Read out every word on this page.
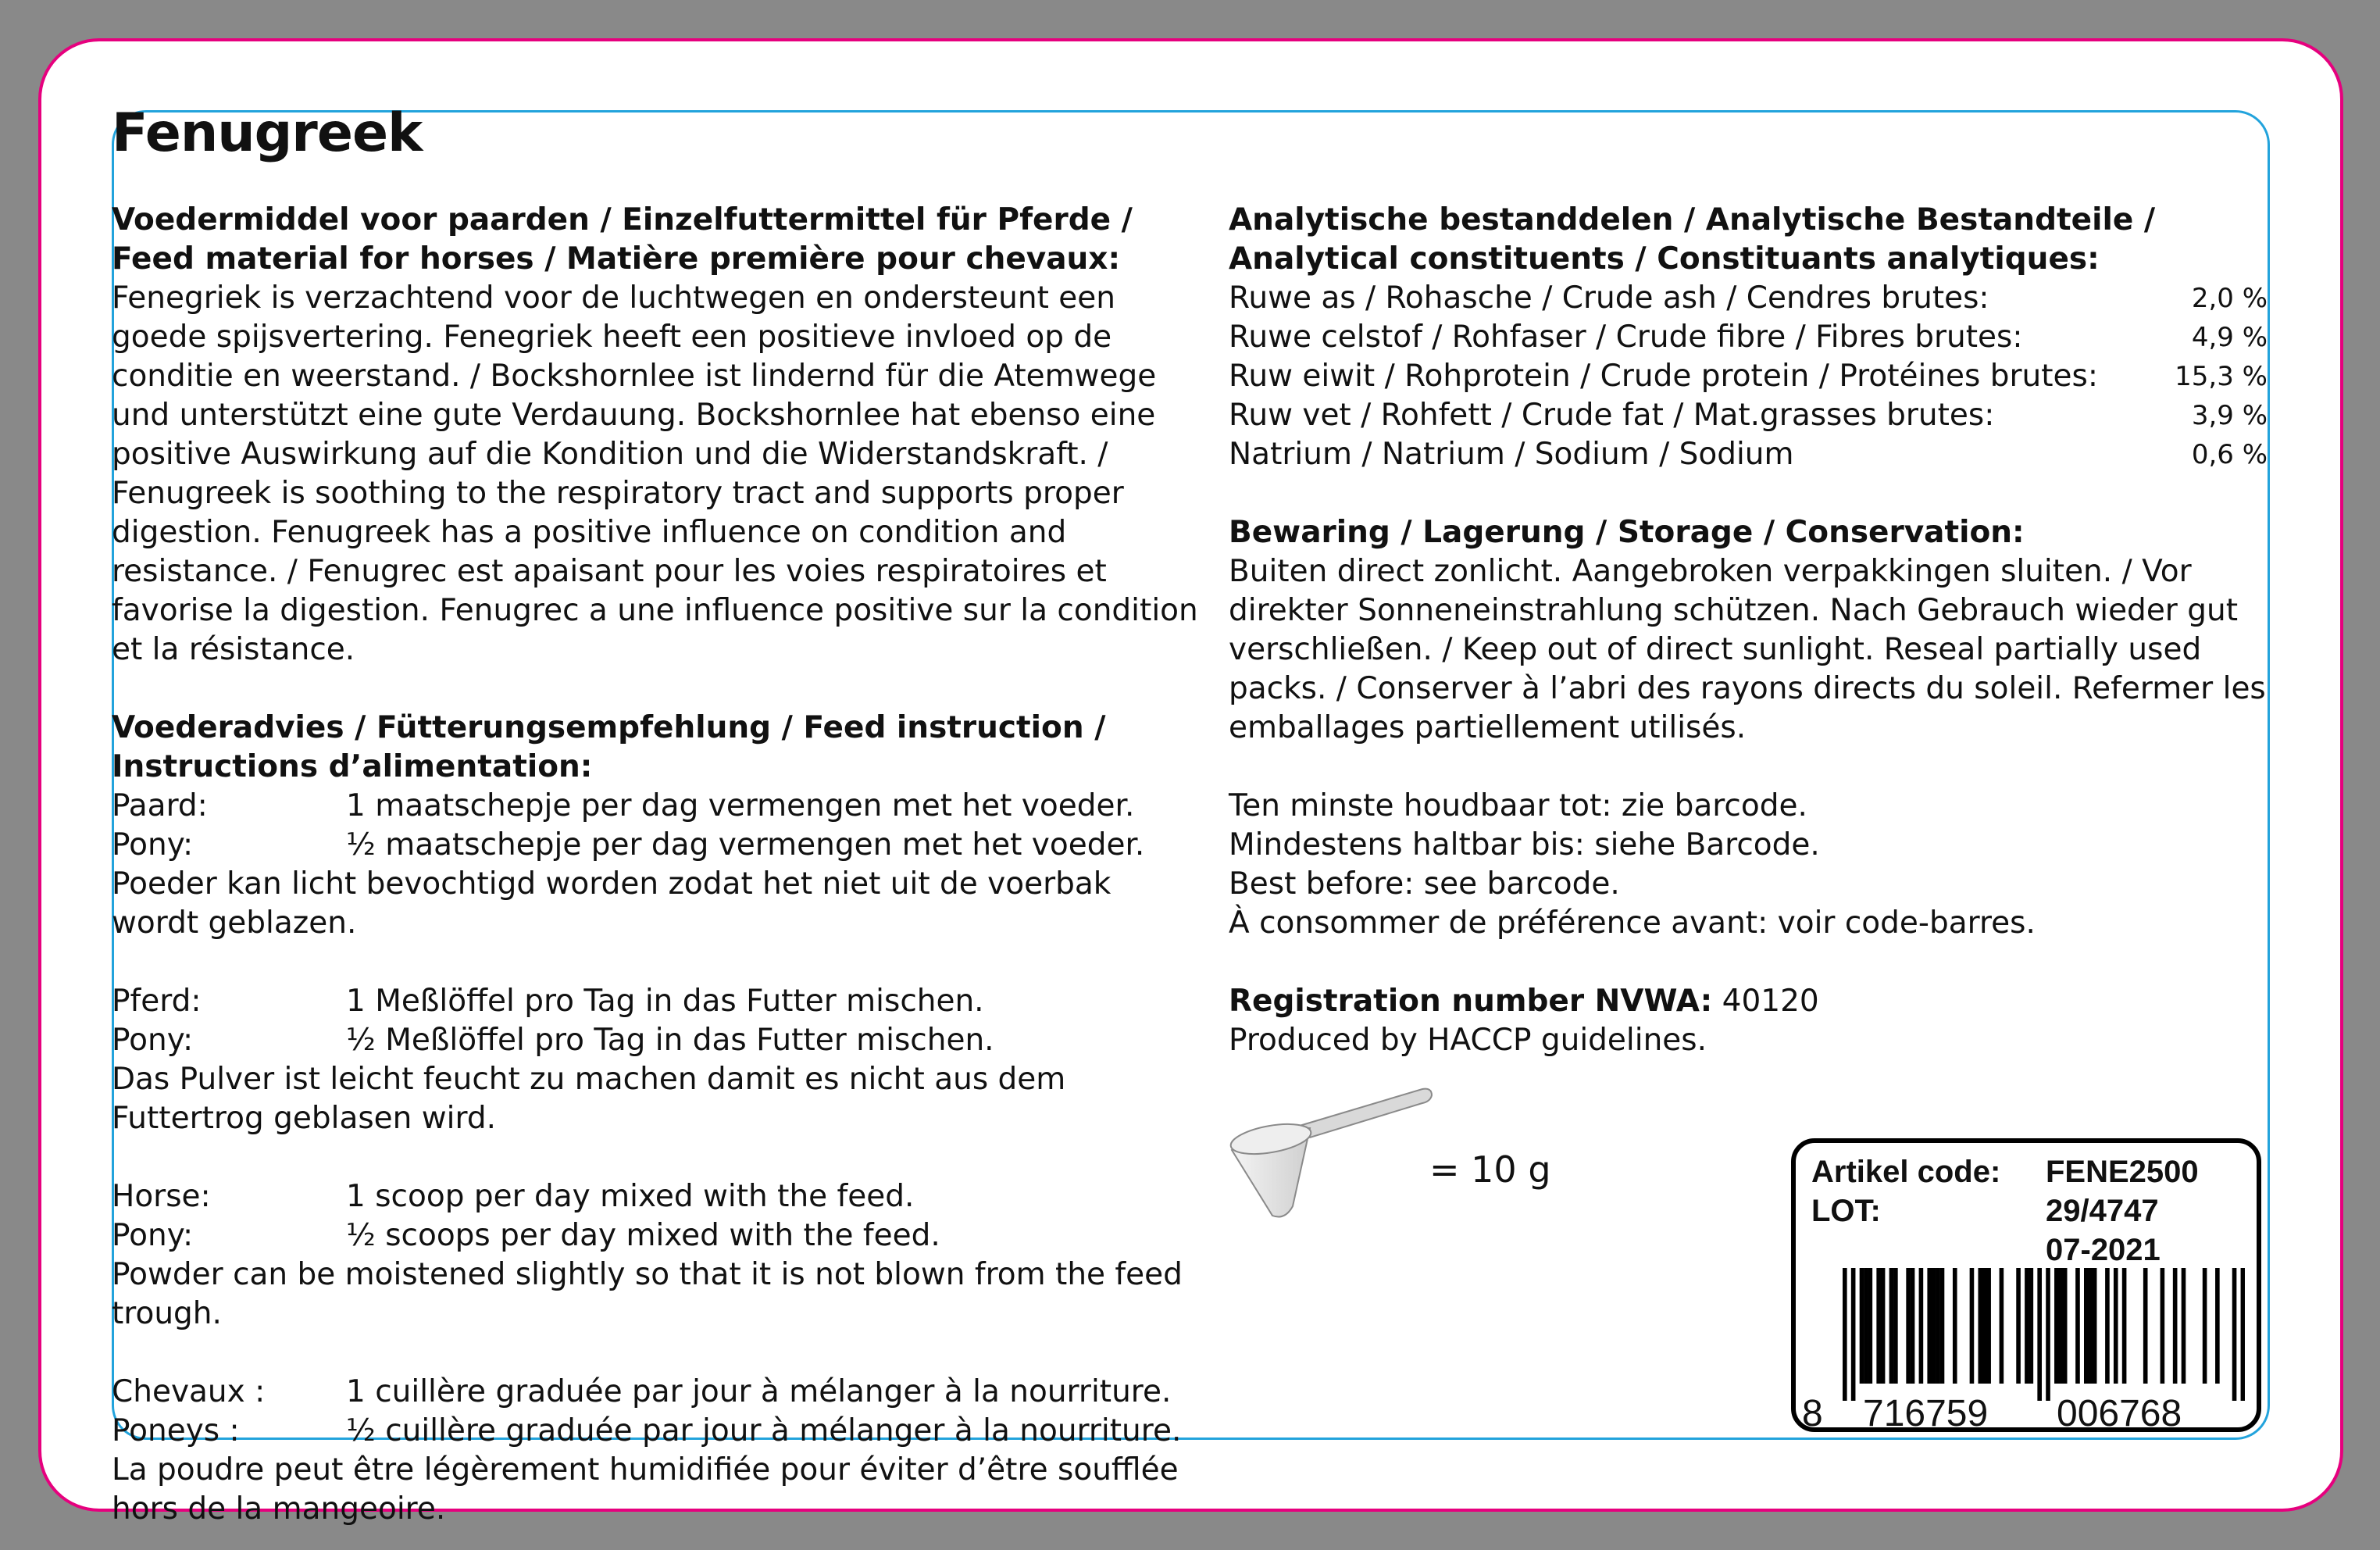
Fenugreek

Voedermiddel voor paarden / Einzelfuttermittel für Pferde / Feed material for horses / Matière première pour chevaux:

Fenegriek is verzachtend voor de luchtwegen en ondersteunt een goede spijsvertering. Fenegriek heeft een positieve invloed op de conditie en weerstand. / Bockshornlee ist lindernd für die Atemwege und unterstützt eine gute Verdauung. Bockshornlee hat ebenso eine positive Auswirkung auf die Kondition und die Widerstandskraft. / Fenugreek is soothing to the respiratory tract and supports proper digestion. Fenugreek has a positive influence on condition and resistance. / Fenugrec est apaisant pour les voies respiratoires et favorise la digestion. Fenugrec a une influence positive sur la condition et la résistance.

Voederadvies / Fütterungsempfehlung / Feed instruction / Instructions d’alimentation:

Paard:	1 maatschepje per dag vermengen met het voeder.
Pony:	½ maatschepje per dag vermengen met het voeder.

Poeder kan licht bevochtigd worden zodat het niet uit de voerbak wordt geblazen.

Pferd:	1 Meßlöffel pro Tag in das Futter mischen.
Pony:	½ Meßlöffel pro Tag in das Futter mischen.

Das Pulver ist leicht feucht zu machen damit es nicht aus dem Futtertrog geblasen wird.

Horse:	1 scoop per day mixed with the feed.
Pony:	½ scoops per day mixed with the feed.

Powder can be moistened slightly so that it is not blown from the feed trough.

Chevaux :	1 cuillère graduée par jour à mélanger à la nourriture.
Poneys :	½ cuillère graduée par jour à mélanger à la nourriture.

La poudre peut être légèrement humidifiée pour éviter d’être soufflée hors de la mangeoire.

Analytische bestanddelen / Analytische Bestandteile / Analytical constituents / Constituants analytiques:

Ruwe as / Rohasche / Crude ash / Cendres brutes:	2,0 %
Ruwe celstof / Rohfaser / Crude fibre / Fibres brutes:	4,9 %
Ruw eiwit / Rohprotein / Crude protein / Protéines brutes:	15,3 %
Ruw vet / Rohfett / Crude fat / Mat.grasses brutes:	3,9 %
Natrium / Natrium / Sodium / Sodium	0,6 %

Bewaring / Lagerung / Storage / Conservation:

Buiten direct zonlicht. Aangebroken verpakkingen sluiten. / Vor direkter Sonneneinstrahlung schützen. Nach Gebrauch wieder gut verschließen. / Keep out of direct sunlight. Reseal partially used packs. / Conserver à l’abri des rayons directs du soleil. Refermer les emballages partiellement utilisés.

Ten minste houdbaar tot: zie barcode.

Mindestens haltbar bis: siehe Barcode.

Best before: see barcode.

À consommer de préférence avant: voir code-barres.

Registration number NVWA: 40120

Produced by HACCP guidelines.

= 10 g	Artikel code: FENE2500
LOT:	29/4747
07-2021
8 716759 006768
